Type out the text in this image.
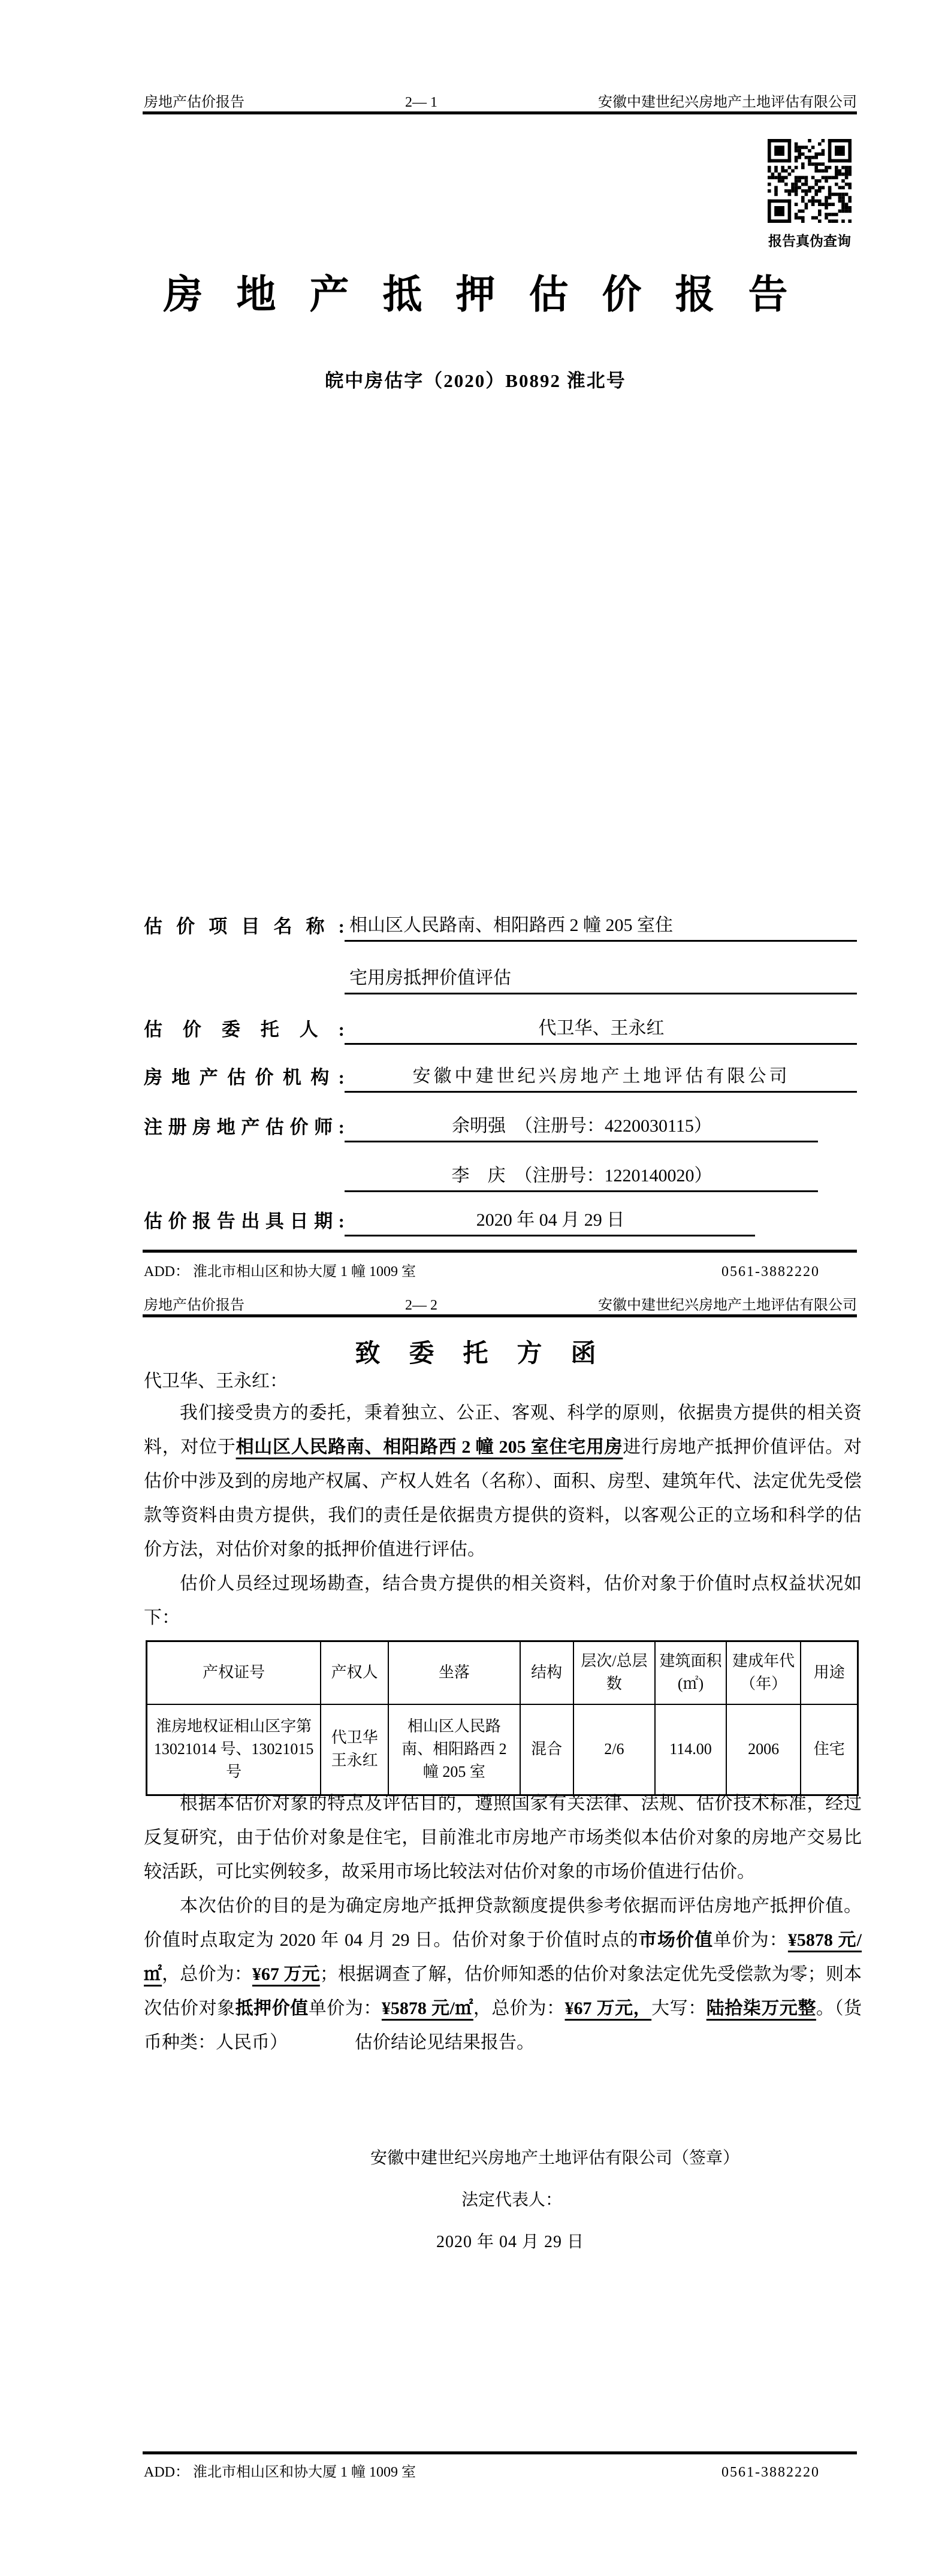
房地产估价报告	2— 1	安徽中建世纪兴房地产土地评估有限公司
报告真伪查询
房地产抵押估价报告
皖中房估字（2020）B0892 淮北号
估价项目名称: 相山区人民路南、相阳路西 2 幢 205 室住
宅用房抵押价值评估
估价委托人:	代卫华、王永红
房地产估价机构:	安徽中建世纪兴房地产土地评估有限公司
注册房地产估价师:	余明强　（注册号：4220030115）
李　庆　（注册号：1220140020）
估价报告出具日期:	2020 年 04 月 29 日
ADD： 淮北市相山区和协大厦 1 幢 1009 室	0561-3882220
房地产估价报告	2— 2	安徽中建世纪兴房地产土地评估有限公司
致委托方函
代卫华、王永红：

我们接受贵方的委托，秉着独立、公正、客观、科学的原则，依据贵方提供的相关资料，对位于相山区人民路南、相阳路西 2 幢 205 室住宅用房进行房地产抵押价值评估。对估价中涉及到的房地产权属、产权人姓名（名称）、面积、房型、建筑年代、法定优先受偿款等资料由贵方提供，我们的责任是依据贵方提供的资料，以客观公正的立场和科学的估价方法，对估价对象的抵押价值进行评估。

估价人员经过现场勘查，结合贵方提供的相关资料，估价对象于价值时点权益状况如下：

产权证号	产权人	坐落	结构	层次/总层数	建筑面积(㎡)	建成年代（年）	用途
淮房地权证相山区字第 13021014 号、13021015 号	代卫华 王永红	相山区人民路南、相阳路西 2 幢 205 室	混合	2/6	114.00	2006	住宅

根据本估价对象的特点及评估目的，遵照国家有关法律、法规、估价技术标准，经过反复研究，由于估价对象是住宅，目前淮北市房地产市场类似本估价对象的房地产交易比较活跃，可比实例较多，故采用市场比较法对估价对象的市场价值进行估价。

本次估价的目的是为确定房地产抵押贷款额度提供参考依据而评估房地产抵押价值。价值时点取定为 2020 年 04 月 29 日。估价对象于价值时点的市场价值单价为：¥5878 元/㎡，总价为：¥67 万元；根据调查了解，估价师知悉的估价对象法定优先受偿款为零；则本次估价对象抵押价值单价为：¥5878 元/㎡，总价为：¥67 万元，大写：陆拾柒万元整。（货币种类：人民币）	估价结论见结果报告。

安徽中建世纪兴房地产土地评估有限公司（签章）
法定代表人：
2020 年 04 月 29 日
ADD： 淮北市相山区和协大厦 1 幢 1009 室	0561-3882220
